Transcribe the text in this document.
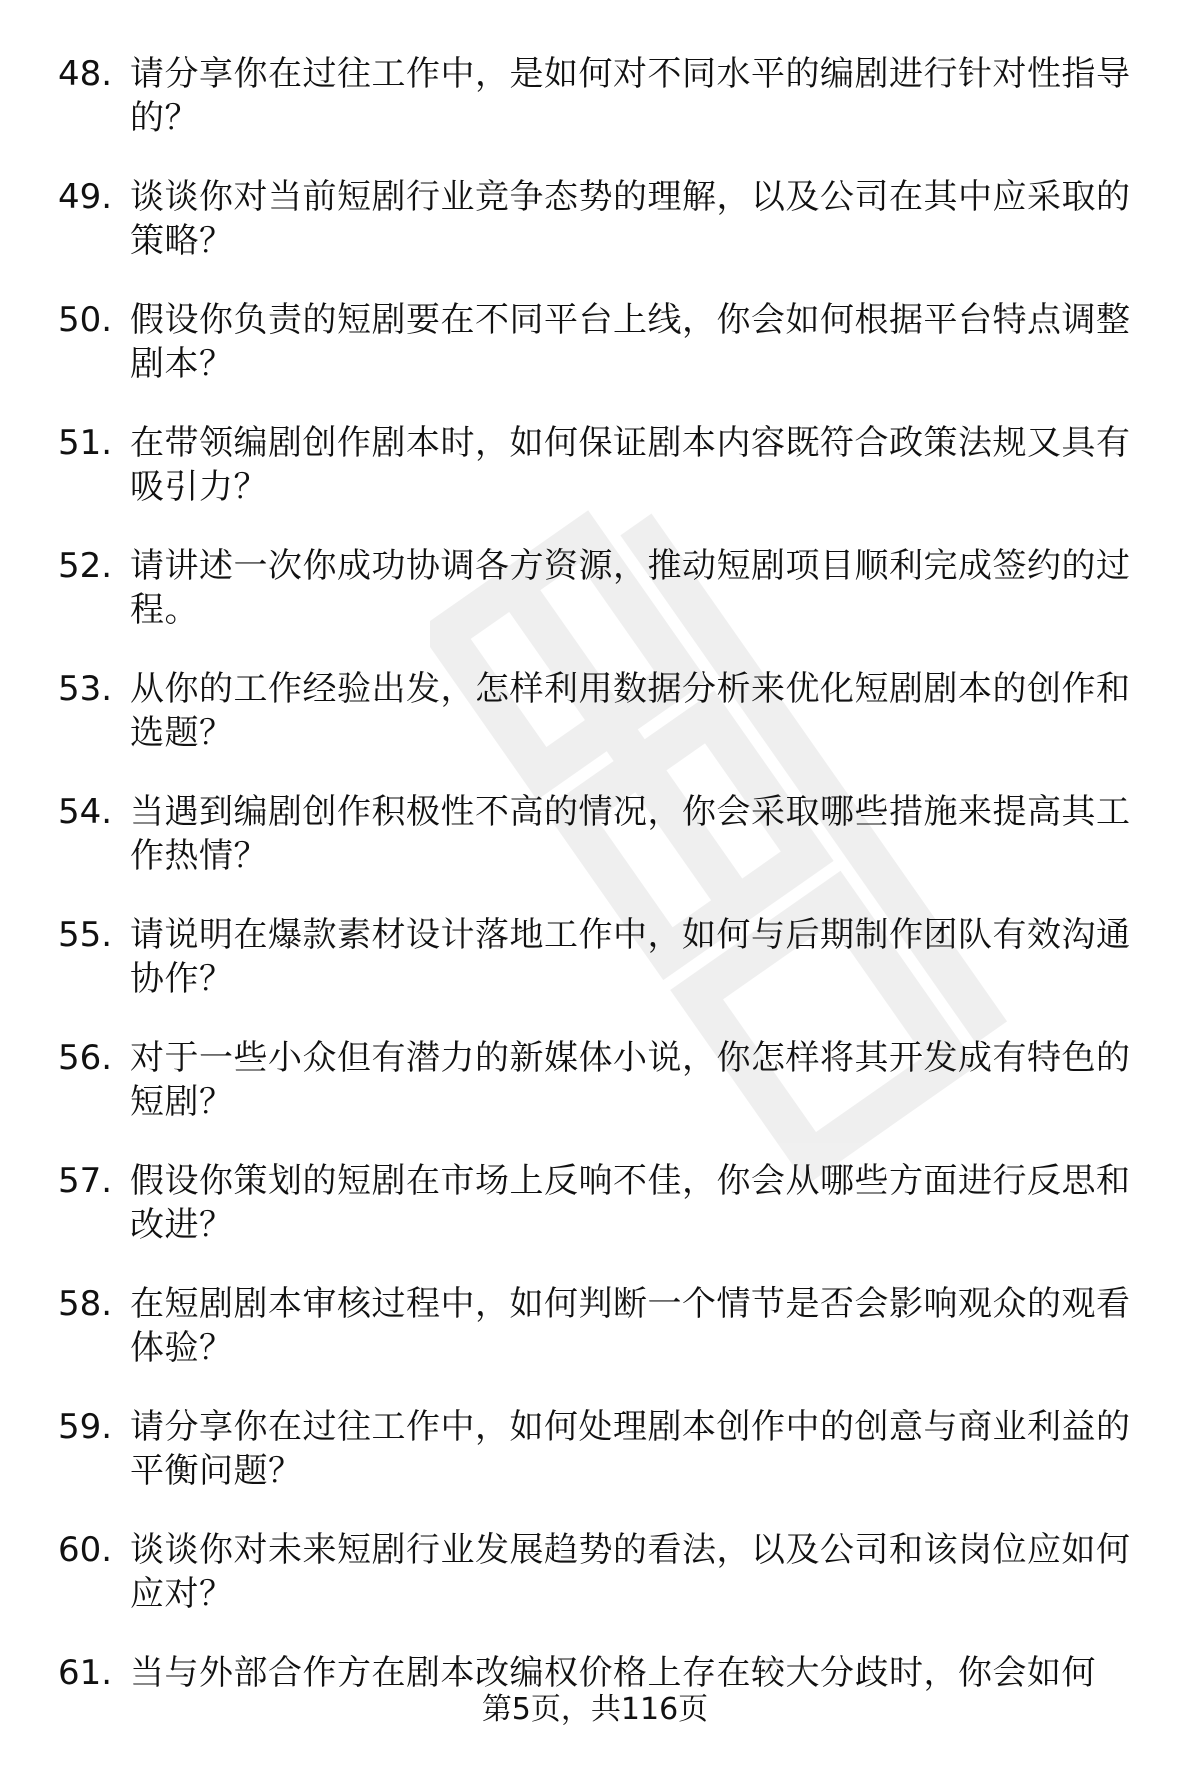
48. 请分享你在过往工作中，是如何对不同水平的编剧进行针对性指导的？
49. 谈谈你对当前短剧行业竞争态势的理解，以及公司在其中应采取的策略？
50. 假设你负责的短剧要在不同平台上线，你会如何根据平台特点调整剧本？
51. 在带领编剧创作剧本时，如何保证剧本内容既符合政策法规又具有吸引力？
52. 请讲述一次你成功协调各方资源，推动短剧项目顺利完成签约的过程。
53. 从你的工作经验出发，怎样利用数据分析来优化短剧剧本的创作和选题？
54. 当遇到编剧创作积极性不高的情况，你会采取哪些措施来提高其工作热情？
55. 请说明在爆款素材设计落地工作中，如何与后期制作团队有效沟通协作？
56. 对于一些小众但有潜力的新媒体小说，你怎样将其开发成有特色的短剧？
57. 假设你策划的短剧在市场上反响不佳，你会从哪些方面进行反思和改进？
58. 在短剧剧本审核过程中，如何判断一个情节是否会影响观众的观看体验？
59. 请分享你在过往工作中，如何处理剧本创作中的创意与商业利益的平衡问题？
60. 谈谈你对未来短剧行业发展趋势的看法，以及公司和该岗位应如何应对？
61. 当与外部合作方在剧本改编权价格上存在较大分歧时，你会如何
第5页，共116页
